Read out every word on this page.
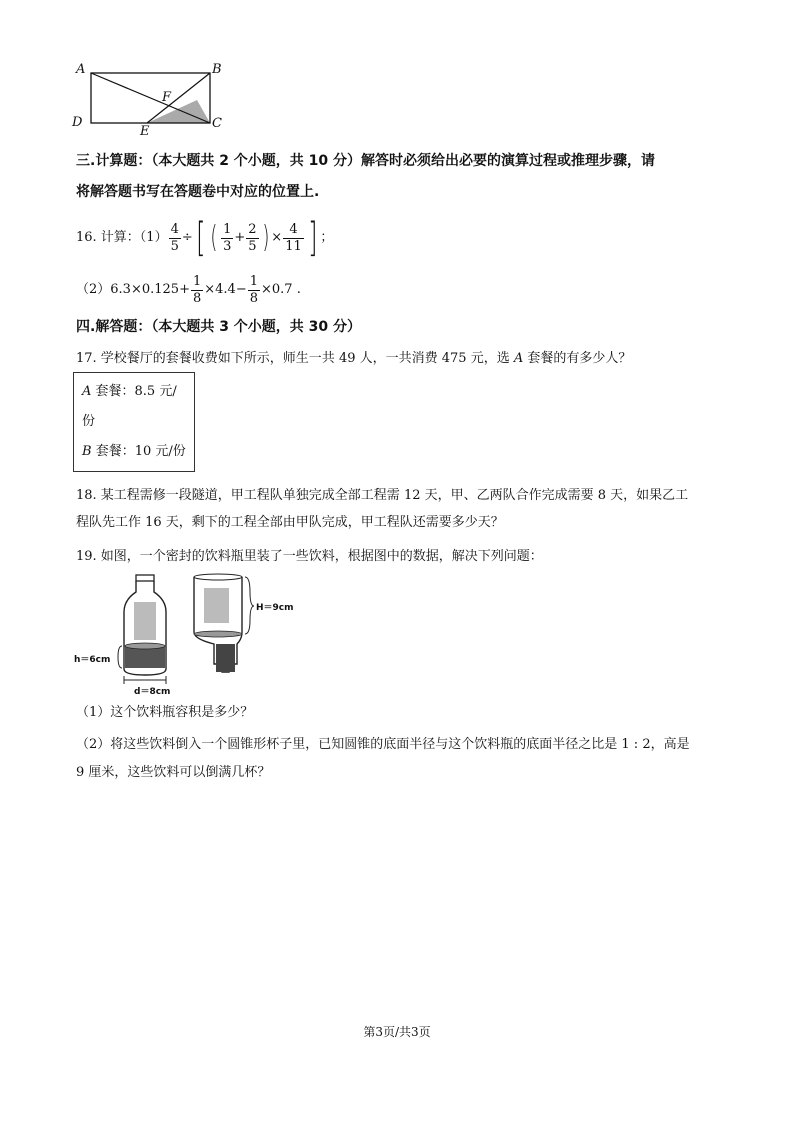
A	B
C
D
E
F
三.计算题：（本大题共 2 个小题，共 10 分）解答时必须给出必要的演算过程或推理步骤，请
将解答题书写在答题卷中对应的位置上.
16. 计算：$(1) \frac{4}{5}$ ÷ [ ( $\frac{1}{3} + \frac{2}{5}$ ) × $\frac{4}{11}$ ] ；
（2） $6.3\times 0.125+ \frac{1}{8} \times 4.4- \frac{1}{8} \times 0.7$ .
四.解答题：（本大题共 3 个小题，共 30 分）
17. 学校餐厅的套餐收费如下所示，师生一共 49 人，一共消费 475 元，选 A 套餐的有多少人？
A 套餐：8.5 元/份
B 套餐：10 元/份
18. 某工程需修一段隧道，甲工程队单独完成全部工程需 12 天，甲、乙两队合作完成需要 8 天，如果乙工
程队先工作 16 天，剩下的工程全部由甲队完成，甲工程队还需要多少天？
19. 如图，一个密封的饮料瓶里装了一些饮料，根据图中的数据，解决下列问题：
h＝6cm
d＝8cm
H＝9cm
（1）这个饮料瓶容积是多少？
（2）将这些饮料倒入一个圆锥形杯子里，已知圆锥的底面半径与这个饮料瓶的底面半径之比是 1 : 2，高是
9 厘米，这些饮料可以倒满几杯？
第3页/共3页
